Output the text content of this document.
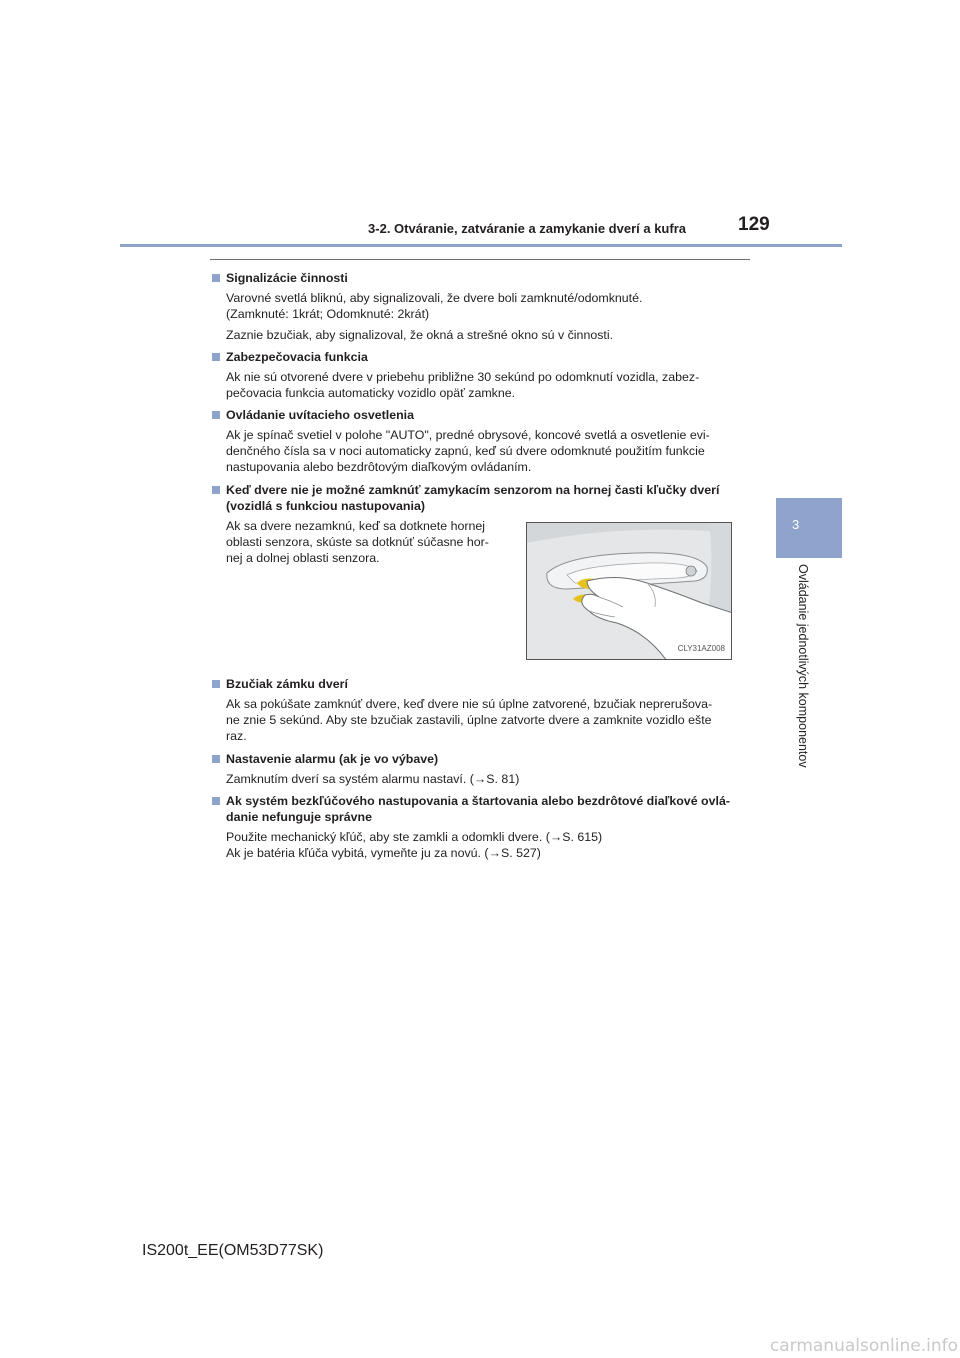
3-2. Otváranie, zatváranie a zamykanie dverí a kufra	129
3
Ovládanie jednotlivých komponentov
Signalizácie činnosti
Varovné svetlá bliknú, aby signalizovali, že dvere boli zamknuté/odomknuté.
(Zamknuté: 1krát; Odomknuté: 2krát)
Zaznie bzučiak, aby signalizoval, že okná a strešné okno sú v činnosti.
Zabezpečovacia funkcia
Ak nie sú otvorené dvere v priebehu približne 30 sekúnd po odomknutí vozidla, zabez-
pečovacia funkcia automaticky vozidlo opäť zamkne.
Ovládanie uvítacieho osvetlenia
Ak je spínač svetiel v polohe "AUTO", predné obrysové, koncové svetlá a osvetlenie evi-
denčného čísla sa v noci automaticky zapnú, keď sú dvere odomknuté použitím funkcie
nastupovania alebo bezdrôtovým diaľkovým ovládaním.
Keď dvere nie je možné zamknúť zamykacím senzorom na hornej časti kľučky dverí
(vozidlá s funkciou nastupovania)
Ak sa dvere nezamknú, keď sa dotknete hornej
oblasti senzora, skúste sa dotknúť súčasne hor-
nej a dolnej oblasti senzora.
CLY31AZ008
Bzučiak zámku dverí
Ak sa pokúšate zamknúť dvere, keď dvere nie sú úplne zatvorené, bzučiak neprerušova-
ne znie 5 sekúnd. Aby ste bzučiak zastavili, úplne zatvorte dvere a zamknite vozidlo ešte
raz.
Nastavenie alarmu (ak je vo výbave)
Zamknutím dverí sa systém alarmu nastaví. (→S. 81)
Ak systém bezkľúčového nastupovania a štartovania alebo bezdrôtové diaľkové ovlá-
danie nefunguje správne
Použite mechanický kľúč, aby ste zamkli a odomkli dvere. (→S. 615)
Ak je batéria kľúča vybitá, vymeňte ju za novú. (→S. 527)
IS200t_EE(OM53D77SK)
carmanualsonline.info
